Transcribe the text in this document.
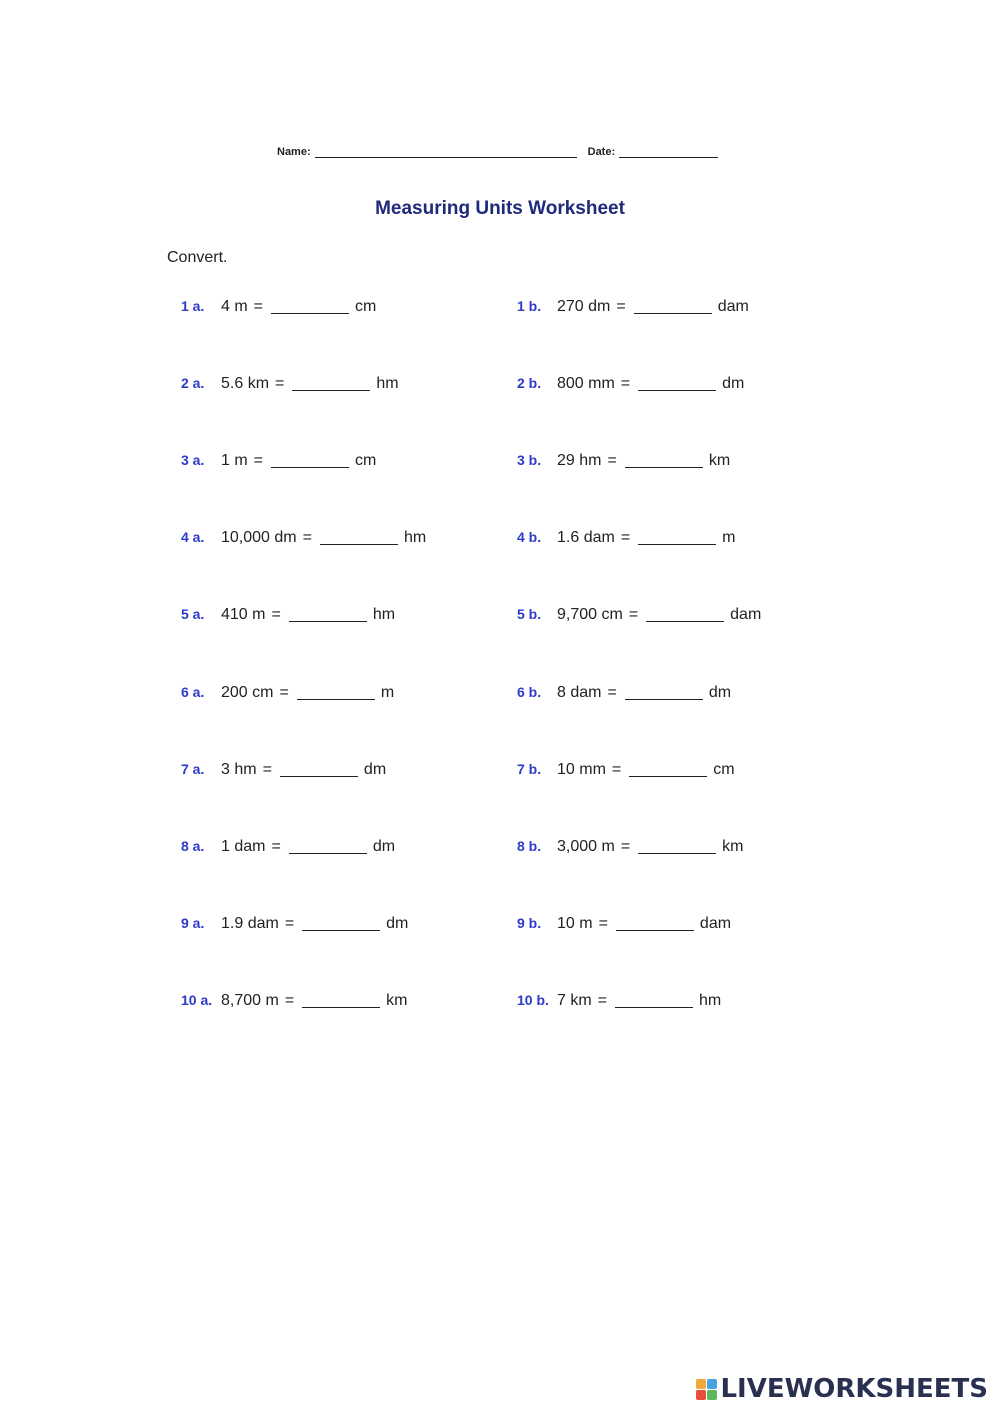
Name:	Date:
Measuring Units Worksheet
Convert.
1 a.	4 m =	cm	1 b. 270 dm =	dam
2 a.	5.6 km =	hm	2 b. 800 mm =	dm
3 a.	1 m =	cm	3 b. 29 hm =	km
4 a.	10,000 dm =	hm	4 b. 1.6 dam =	m
5 a.	410 m =	hm	5 b. 9,700 cm =	dam
6 a.	200 cm =	m	6 b. 8 dam =	dm
7 a.	3 hm =	dm	7 b. 10 mm =	cm
8 a.	1 dam =	dm	8 b. 3,000 m =	km
9 a.	1.9 dam =	dm	9 b. 10 m =	dam
10 a. 8,700 m =	km	10 b. 7 km =	hm
LIVEWORKSHEETS
